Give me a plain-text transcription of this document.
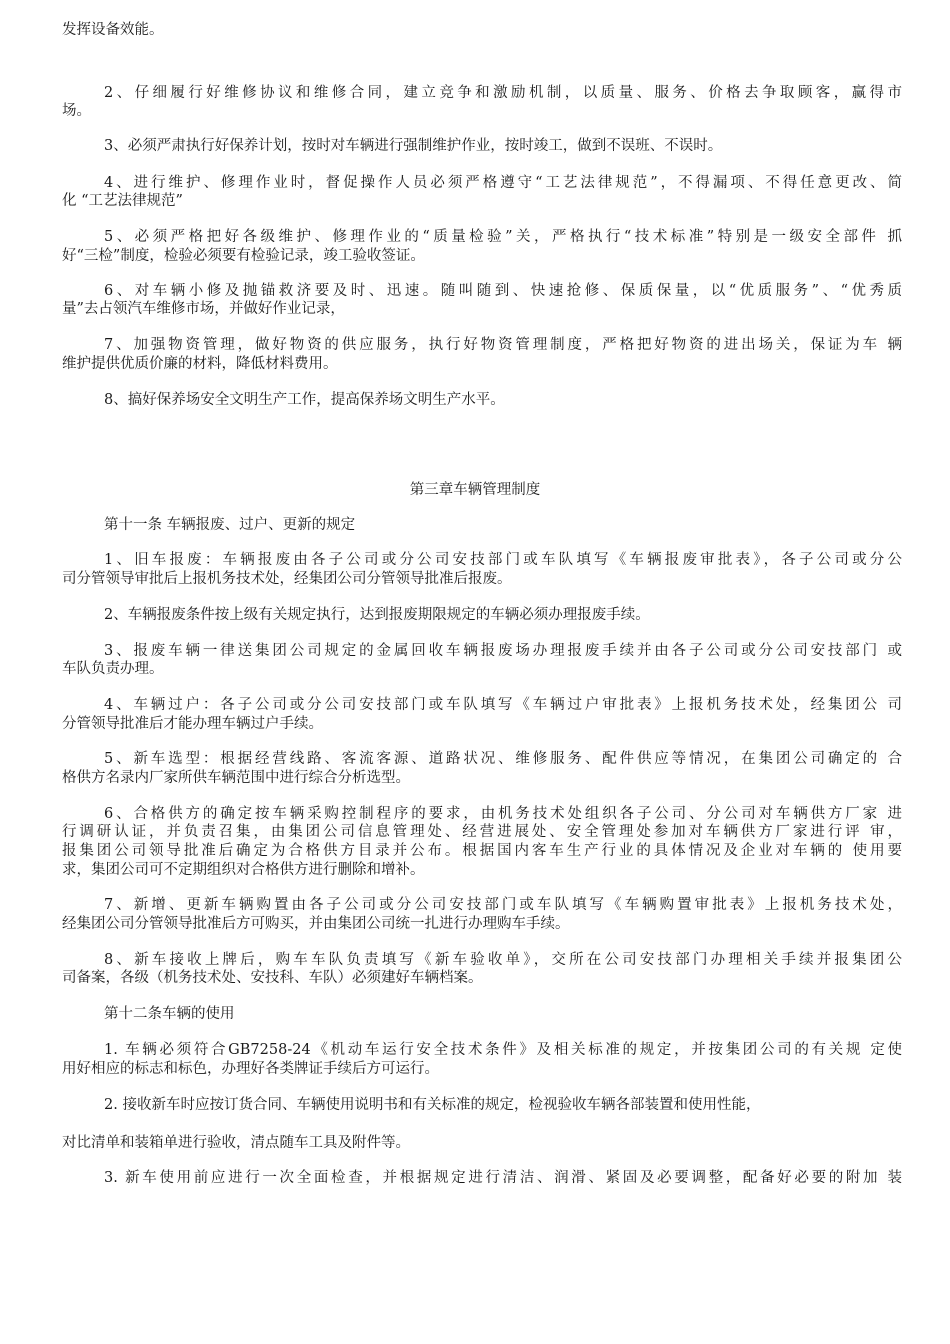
发挥设备效能。
2、仔细履行好维修协议和维修合同，建立竞争和激励机制，以质量、服务、价格去争取顾客，赢得市
场。
3、必须严肃执行好保养计划，按时对车辆进行强制维护作业，按时竣工，做到不误班、不误时。
4、进行维护、修理作业时，督促操作人员必须严格遵守“工艺法律规范”，不得漏项、不得任意更改、简
化 “工艺法律规范”
5、必须严格把好各级维护、修理作业的“质量检验”关，严格执行“技术标准”特别是一级安全部件 抓
好“三检”制度，检验必须要有检验记录，竣工验收签证。
6、对车辆小修及抛锚救济要及时、迅速。随叫随到、快速抢修、保质保量，以“优质服务”、“优秀质
量”去占领汽车维修市场，并做好作业记录，
7、加强物资管理，做好物资的供应服务，执行好物资管理制度，严格把好物资的进出场关，保证为车 辆
维护提供优质价廉的材料，降低材料费用。
8、搞好保养场安全文明生产工作，提高保养场文明生产水平。
第三章车辆管理制度
第十一条 车辆报废、过户、更新的规定
1、旧车报废：车辆报废由各子公司或分公司安技部门或车队填写《车辆报废审批表》，各子公司或分公
司分管领导审批后上报机务技术处，经集团公司分管领导批准后报废。
2、车辆报废条件按上级有关规定执行，达到报废期限规定的车辆必须办理报废手续。
3、报废车辆一律送集团公司规定的金属回收车辆报废场办理报废手续并由各子公司或分公司安技部门 或
车队负责办理。
4、车辆过户：各子公司或分公司安技部门或车队填写《车辆过户审批表》上报机务技术处，经集团公 司
分管领导批准后才能办理车辆过户手续。
5、新车选型：根据经营线路、客流客源、道路状况、维修服务、配件供应等情况，在集团公司确定的 合
格供方名录内厂家所供车辆范围中进行综合分析选型。
6、合格供方的确定按车辆采购控制程序的要求，由机务技术处组织各子公司、分公司对车辆供方厂家 进
行调研认证，并负责召集，由集团公司信息管理处、经营进展处、安全管理处参加对车辆供方厂家进行评 审，
报集团公司领导批准后确定为合格供方目录并公布。根据国内客车生产行业的具体情况及企业对车辆的 使用要
求，集团公司可不定期组织对合格供方进行删除和增补。
7、新增、更新车辆购置由各子公司或分公司安技部门或车队填写《车辆购置审批表》上报机务技术处，
经集团公司分管领导批准后方可购买，并由集团公司统一扎进行办理购车手续。
8、新车接收上牌后，购车车队负责填写《新车验收单》，交所在公司安技部门办理相关手续并报集团公
司备案，各级（机务技术处、安技科、车队）必须建好车辆档案。
第十二条车辆的使用
1. 车辆必须符合GB7258-24《机动车运行安全技术条件》及相关标准的规定，并按集团公司的有关规 定使
用好相应的标志和标色，办理好各类牌证手续后方可运行。
2. 接收新车时应按订货合同、车辆使用说明书和有关标准的规定，检视验收车辆各部装置和使用性能，
对比清单和装箱单进行验收，清点随车工具及附件等。
3. 新车使用前应进行一次全面检查，并根据规定进行清洁、润滑、紧固及必要调整，配备好必要的附加 装
